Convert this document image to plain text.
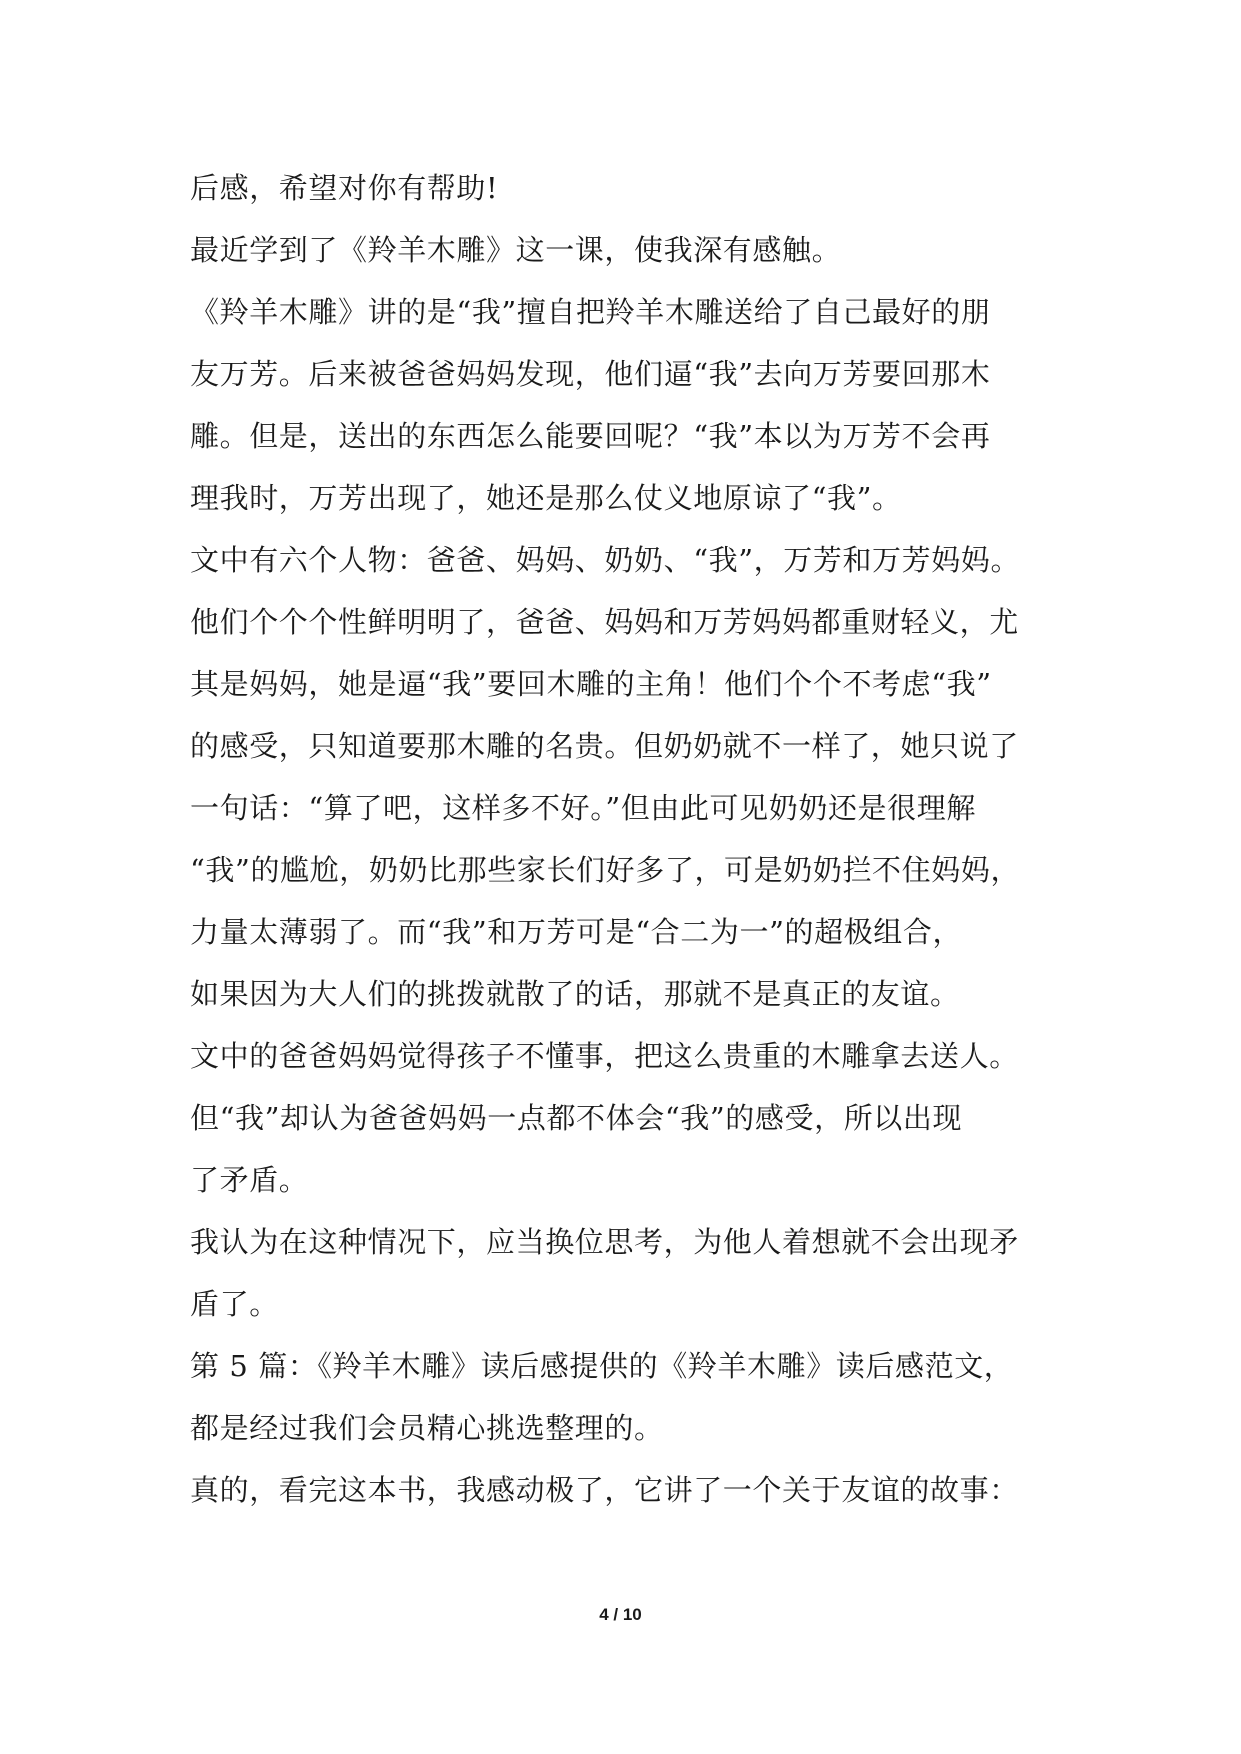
后感，希望对你有帮助!
最近学到了《羚羊木雕》这一课，使我深有感触。
《羚羊木雕》讲的是“我”擅自把羚羊木雕送给了自己最好的朋
友万芳。后来被爸爸妈妈发现，他们逼“我”去向万芳要回那木
雕。但是，送出的东西怎么能要回呢？“我”本以为万芳不会再
理我时，万芳出现了，她还是那么仗义地原谅了“我”。
文中有六个人物：爸爸、妈妈、奶奶、“我”，万芳和万芳妈妈。
他们个个个性鲜明明了，爸爸、妈妈和万芳妈妈都重财轻义，尤
其是妈妈，她是逼“我”要回木雕的主角！他们个个不考虑“我”
的感受，只知道要那木雕的名贵。但奶奶就不一样了，她只说了
一句话：“算了吧，这样多不好。”但由此可见奶奶还是很理解
“我”的尴尬，奶奶比那些家长们好多了，可是奶奶拦不住妈妈，
力量太薄弱了。而“我”和万芳可是“合二为一”的超极组合，
如果因为大人们的挑拨就散了的话，那就不是真正的友谊。
文中的爸爸妈妈觉得孩子不懂事，把这么贵重的木雕拿去送人。
但“我”却认为爸爸妈妈一点都不体会“我”的感受，所以出现
了矛盾。
我认为在这种情况下，应当换位思考，为他人着想就不会出现矛
盾了。
第 5 篇：《羚羊木雕》读后感提供的《羚羊木雕》读后感范文，
都是经过我们会员精心挑选整理的。
真的，看完这本书，我感动极了，它讲了一个关于友谊的故事：
4 / 10
